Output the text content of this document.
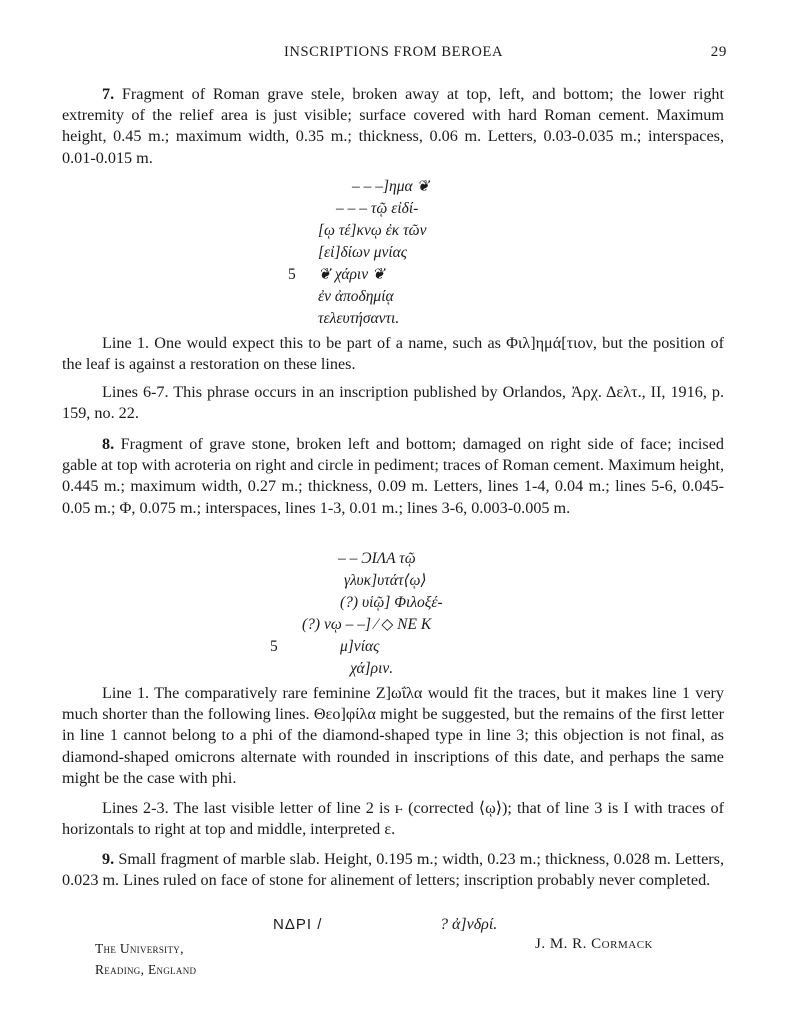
INSCRIPTIONS FROM BEROEA	29

7. Fragment of Roman grave stele, broken away at top, left, and bottom; the lower right extremity of the relief area is just visible; surface covered with hard Roman cement. Maximum height, 0.45 m.; maximum width, 0.35 m.; thickness, 0.06 m. Letters, 0.03-0.035 m.; interspaces, 0.01-0.015 m.

– – –]ημα ❦
– – – τῷ εἰδί-
[ῳ τέ]κνῳ ἐκ τῶν
[εἰ]δίων μνίας
5 ❦ χάριν ❦
ἐν ἀποδημίᾳ
τελευτήσαντι.

Line 1. One would expect this to be part of a name, such as Φιλ]ημά[τιον, but the position of the leaf is against a restoration on these lines.

Lines 6-7. This phrase occurs in an inscription published by Orlandos, Ἀρχ. Δελτ., II, 1916, p. 159, no. 22.

8. Fragment of grave stone, broken left and bottom; damaged on right side of face; incised gable at top with acroteria on right and circle in pediment; traces of Roman cement. Maximum height, 0.445 m.; maximum width, 0.27 m.; thickness, 0.09 m. Letters, lines 1-4, 0.04 m.; lines 5-6, 0.045-0.05 m.; Φ, 0.075 m.; interspaces, lines 1-3, 0.01 m.; lines 3-6, 0.003-0.005 m.

– – ƆΙΛΑ τῷ
γλυκ]υτάτ⟨ῳ⟩
(?) υἱῷ] Φιλοξέ-
(?) νῳ – –] ⁄ ◇ ΝΕ Κ
5	μ]νίας
χά]ριν.

Line 1. The comparatively rare feminine Z]ωΐλα would fit the traces, but it makes line 1 very much shorter than the following lines. Θεο]φίλα might be suggested, but the remains of the first letter in line 1 cannot belong to a phi of the diamond-shaped type in line 3; this objection is not final, as diamond-shaped omicrons alternate with rounded in inscriptions of this date, and perhaps the same might be the case with phi.

Lines 2-3. The last visible letter of line 2 is ⱶ (corrected ⟨ῳ⟩); that of line 3 is I with traces of horizontals to right at top and middle, interpreted ε.

9. Small fragment of marble slab. Height, 0.195 m.; width, 0.23 m.; thickness, 0.028 m. Letters, 0.023 m. Lines ruled on face of stone for alinement of letters; inscription probably never completed.

ΝΔΡΙ /	? ἀ]νδρί.
The University,
Reading, England
J. M. R. Cormack
